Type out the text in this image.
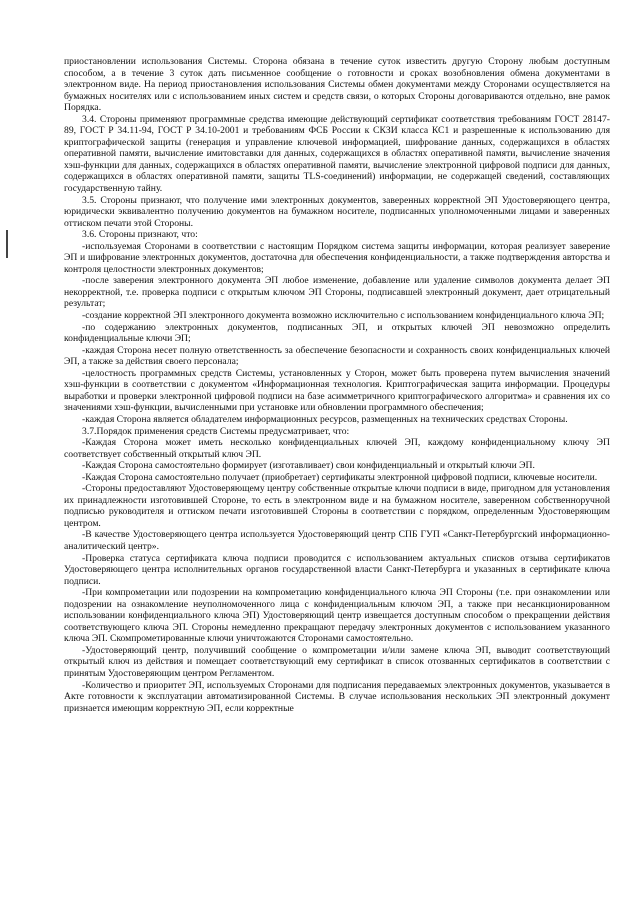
приостановлении использования Системы. Сторона обязана в течение суток известить другую Сторону любым доступным способом, а в течение 3 суток дать письменное сообщение о готовности и сроках возобновления обмена документами в электронном виде. На период приостановления использования Системы обмен документами между Сторонами осуществляется на бумажных носителях или с использованием иных систем и средств связи, о которых Стороны договариваются отдельно, вне рамок Порядка.

3.4. Стороны применяют программные средства имеющие действующий сертификат соответствия требованиям ГОСТ 28147-89, ГОСТ Р 34.11-94, ГОСТ Р 34.10-2001 и требованиям ФСБ России к СКЗИ класса КС1 и разрешенные к использованию для криптографической защиты (генерация и управление ключевой информацией, шифрование данных, содержащихся в областях оперативной памяти, вычисление имитовставки для данных, содержащихся в областях оперативной памяти, вычисление значения хэш-функции для данных, содержащихся в областях оперативной памяти, вычисление электронной цифровой подписи для данных, содержащихся в областях оперативной памяти, защиты TLS-соединений) информации, не содержащей сведений, составляющих государственную тайну.

3.5. Стороны признают, что получение ими электронных документов, заверенных корректной ЭП Удостоверяющего центра, юридически эквивалентно получению документов на бумажном носителе, подписанных уполномоченными лицами и заверенных оттиском печати этой Стороны.

3.6. Стороны признают, что:

-используемая Сторонами в соответствии с настоящим Порядком система защиты информации, которая реализует заверение ЭП и шифрование электронных документов, достаточна для обеспечения конфиденциальности, а также подтверждения авторства и контроля целостности электронных документов;

-после заверения электронного документа ЭП любое изменение, добавление или удаление символов документа делает ЭП некорректной, т.е. проверка подписи с открытым ключом ЭП Стороны, подписавшей электронный документ, дает отрицательный результат;

-создание корректной ЭП электронного документа возможно исключительно с использованием конфиденциального ключа ЭП;

-по содержанию электронных документов, подписанных ЭП, и открытых ключей ЭП невозможно определить конфиденциальные ключи ЭП;

-каждая Сторона несет полную ответственность за обеспечение безопасности и сохранность своих конфиденциальных ключей ЭП, а также за действия своего персонала;

-целостность программных средств Системы, установленных у Сторон, может быть проверена путем вычисления значений хэш-функции в соответствии с документом «Информационная технология. Криптографическая защита информации. Процедуры выработки и проверки электронной цифровой подписи на базе асимметричного криптографического алгоритма» и сравнения их со значениями хэш-функции, вычисленными при установке или обновлении программного обеспечения;

-каждая Сторона является обладателем информационных ресурсов, размещенных на технических средствах Стороны.

3.7.Порядок применения средств Системы предусматривает, что:

-Каждая Сторона может иметь несколько конфиденциальных ключей ЭП, каждому конфиденциальному ключу ЭП соответствует собственный открытый ключ ЭП.

-Каждая Сторона самостоятельно формирует (изготавливает) свои конфиденциальный и открытый ключи ЭП.

-Каждая Сторона самостоятельно получает (приобретает) сертификаты электронной цифровой подписи, ключевые носители.

-Стороны предоставляют Удостоверяющему центру собственные открытые ключи подписи в виде, пригодном для установления их принадлежности изготовившей Стороне, то есть в электронном виде и на бумажном носителе, заверенном собственноручной подписью руководителя и оттиском печати изготовившей Стороны в соответствии с порядком, определенным Удостоверяющим центром.

-В качестве Удостоверяющего центра используется Удостоверяющий центр СПБ ГУП «Санкт-Петербургский информационно-аналитический центр».

-Проверка статуса сертификата ключа подписи проводится с использованием актуальных списков отзыва сертификатов Удостоверяющего центра исполнительных органов государственной власти Санкт-Петербурга и указанных в сертификате ключа подписи.

-При компрометации или подозрении на компрометацию конфиденциального ключа ЭП Стороны (т.е. при ознакомлении или подозрении на ознакомление неуполномоченного лица с конфиденциальным ключом ЭП, а также при несанкционированном использовании конфиденциального ключа ЭП) Удостоверяющий центр извещается доступным способом о прекращении действия соответствующего ключа ЭП. Стороны немедленно прекращают передачу электронных документов с использованием указанного ключа ЭП. Скомпрометированные ключи уничтожаются Сторонами самостоятельно.

-Удостоверяющий центр, получивший сообщение о компрометации и/или замене ключа ЭП, выводит соответствующий открытый ключ из действия и помещает соответствующий ему сертификат в список отозванных сертификатов в соответствии с принятым Удостоверяющим центром Регламентом.

-Количество и приоритет ЭП, используемых Сторонами для подписания передаваемых электронных документов, указывается в Акте готовности к эксплуатации автоматизированной Системы. В случае использования нескольких ЭП электронный документ признается имеющим корректную ЭП, если корректные
